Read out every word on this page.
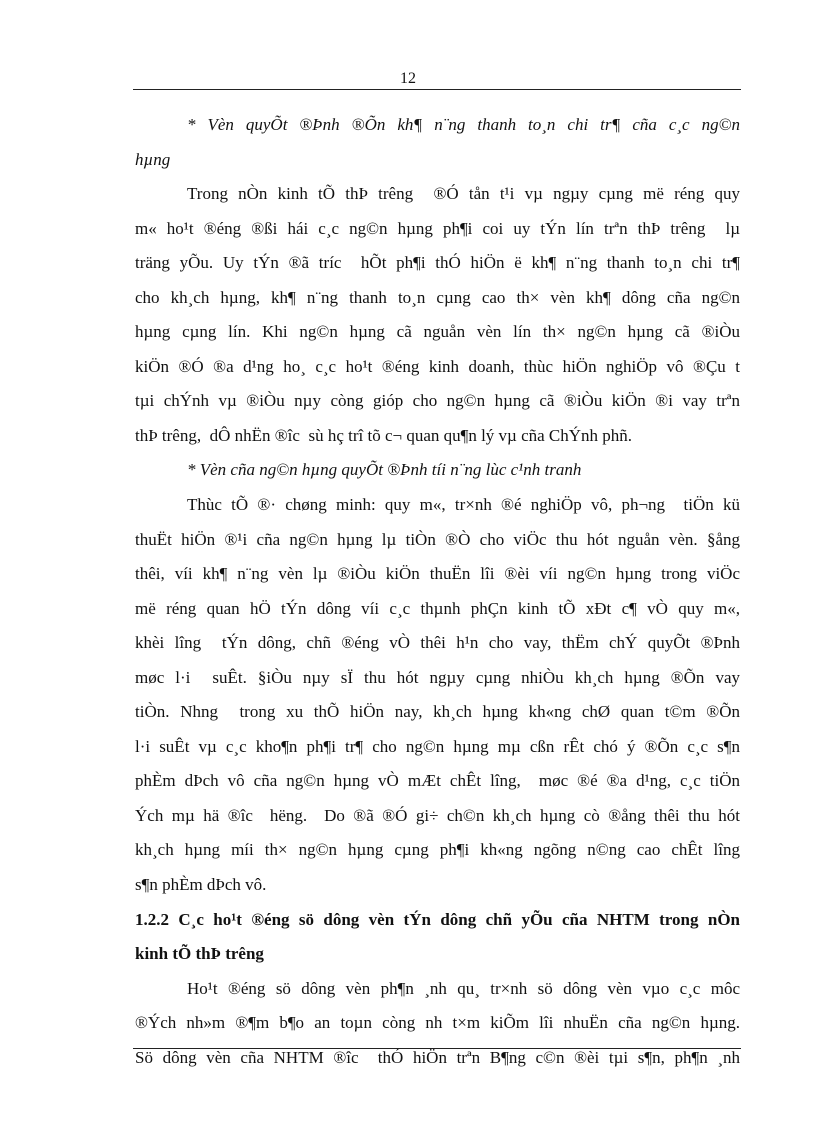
12
* Vèn quyÕt ®Þnh ®Õn kh¶ n¨ng thanh to¸n chi tr¶ cña c¸c ng©n
hµng
Trong nÒn kinh tÕ thÞ trêng  ®Ó tån t¹i vµ ngµy cµng më réng quy
m« ho¹t ®éng ®ßi hái c¸c ng©n hµng ph¶i coi uy tÝn lín trªn thÞ trêng  lµ
träng yÕu. Uy tÝn ®ã tríc  hÕt ph¶i thÓ hiÖn ë kh¶ n¨ng thanh to¸n chi tr¶
cho kh¸ch hµng, kh¶ n¨ng thanh to¸n cµng cao th× vèn kh¶ dông cña ng©n
hµng cµng lín. Khi ng©n hµng cã nguån vèn lín th× ng©n hµng cã ®iÒu
kiÖn ®Ó ®a d¹ng ho¸ c¸c ho¹t ®éng kinh doanh, thùc hiÖn nghiÖp vô ®Çu t
tµi chÝnh vµ ®iÒu nµy còng gióp cho ng©n hµng cã ®iÒu kiÖn ®i vay trªn
thÞ trêng,  dÔ nhËn ®îc  sù hç trî tõ c¬ quan qu¶n lý vµ cña ChÝnh phñ.
* Vèn cña ng©n hµng quyÕt ®Þnh tíi n¨ng lùc c¹nh tranh
Thùc tÕ ®· chøng minh: quy m«, tr×nh ®é nghiÖp vô, ph¬ng  tiÖn kü
thuËt hiÖn ®¹i cña ng©n hµng lµ tiÒn ®Ò cho viÖc thu hót nguån vèn. §ång
thêi, víi kh¶ n¨ng vèn lµ ®iÒu kiÖn thuËn lîi ®èi víi ng©n hµng trong viÖc
më réng quan hÖ tÝn dông víi c¸c thµnh phÇn kinh tÕ xÐt c¶ vÒ quy m«,
khèi lîng  tÝn dông, chñ ®éng vÒ thêi h¹n cho vay, thËm chÝ quyÕt ®Þnh
møc l·i  suÊt. §iÒu nµy sÏ thu hót ngµy cµng nhiÒu kh¸ch hµng ®Õn vay
tiÒn. Nhng  trong xu thÕ hiÖn nay, kh¸ch hµng kh«ng chØ quan t©m ®Õn
l·i suÊt vµ c¸c kho¶n ph¶i tr¶ cho ng©n hµng mµ cßn rÊt chó ý ®Õn c¸c s¶n
phÈm dÞch vô cña ng©n hµng vÒ mÆt chÊt lîng,  møc ®é ®a d¹ng, c¸c tiÖn
Ých mµ hä ®îc  hëng.  Do ®ã ®Ó gi÷ ch©n kh¸ch hµng cò ®ång thêi thu hót
kh¸ch hµng míi th× ng©n hµng cµng ph¶i kh«ng ngõng n©ng cao chÊt lîng
s¶n phÈm dÞch vô.
1.2.2 C¸c ho¹t ®éng sö dông vèn tÝn dông chñ yÕu cña NHTM trong nÒn
kinh tÕ thÞ trêng
Ho¹t ®éng sö dông vèn ph¶n ¸nh qu¸ tr×nh sö dông vèn vµo c¸c môc
®Ých nh»m ®¶m b¶o an toµn còng nh t×m kiÕm lîi nhuËn cña ng©n hµng.
Sö dông vèn cña NHTM ®îc  thÓ hiÖn trªn B¶ng c©n ®èi tµi s¶n, ph¶n ¸nh
